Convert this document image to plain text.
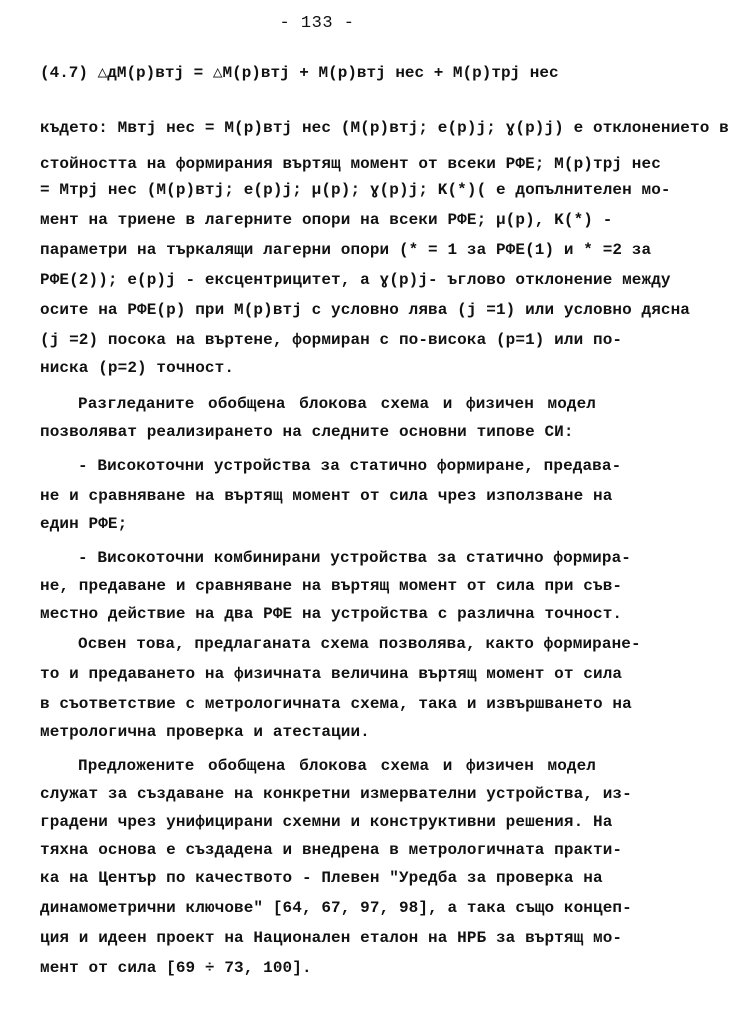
- 133 -
(4.7) △дM(p)втj = △M(p)втj + M(p)втj нес + M(p)трj нес
където: Mвтj нес = M(p)втj нес (M(p)втj; e(p)j; ɣ(p)j) е отклонението в
стойността на формирания въртящ момент от всеки РФЕ; M(p)трj нес
= Mтрj нес (M(p)втj; e(p)j; μ(p); ɣ(p)j; K(*)( е допълнителен мо-
мент на триене в лагерните опори на всеки РФЕ; μ(p), K(*) -
параметри на търкалящи лагерни опори (* = 1 за РФЕ(1) и * =2 за
РФЕ(2)); e(p)j - ексцентрицитет, а ɣ(p)j- ъглово отклонение между
осите на РФЕ(p) при M(p)втj с условно лява (j =1) или условно дясна
(j =2) посока на въртене, формиран с по-висока (p=1) или по-
ниска (p=2) точност.
Разгледаните обобщена блокова схема и физичен модел
позволяват реализирането на следните основни типове СИ:
- Високоточни устройства за статично формиране, предава-
не и сравняване на въртящ момент от сила чрез използване на
един РФЕ;
- Високоточни комбинирани устройства за статично формира-
не, предаване и сравняване на въртящ момент от сила при съв-
местно действие на два РФЕ на устройства с различна точност.
Освен това, предлаганата схема позволява, както формиране-
то и предаването на физичната величина въртящ момент от сила
в съответствие с метрологичната схема, така и извършването на
метрологична проверка и атестации.
Предложените обобщена блокова схема и физичен модел
служат за създаване на конкретни измервателни устройства, из-
градени чрез унифицирани схемни и конструктивни решения. На
тяхна основа е създадена и внедрена в метрологичната практи-
ка на Център по качеството - Плевен "Уредба за проверка на
динамометрични ключове" [64, 67, 97, 98], а така също концеп-
ция и идеен проект на Национален еталон на НРБ за въртящ мо-
мент от сила [69 ÷ 73, 100].
